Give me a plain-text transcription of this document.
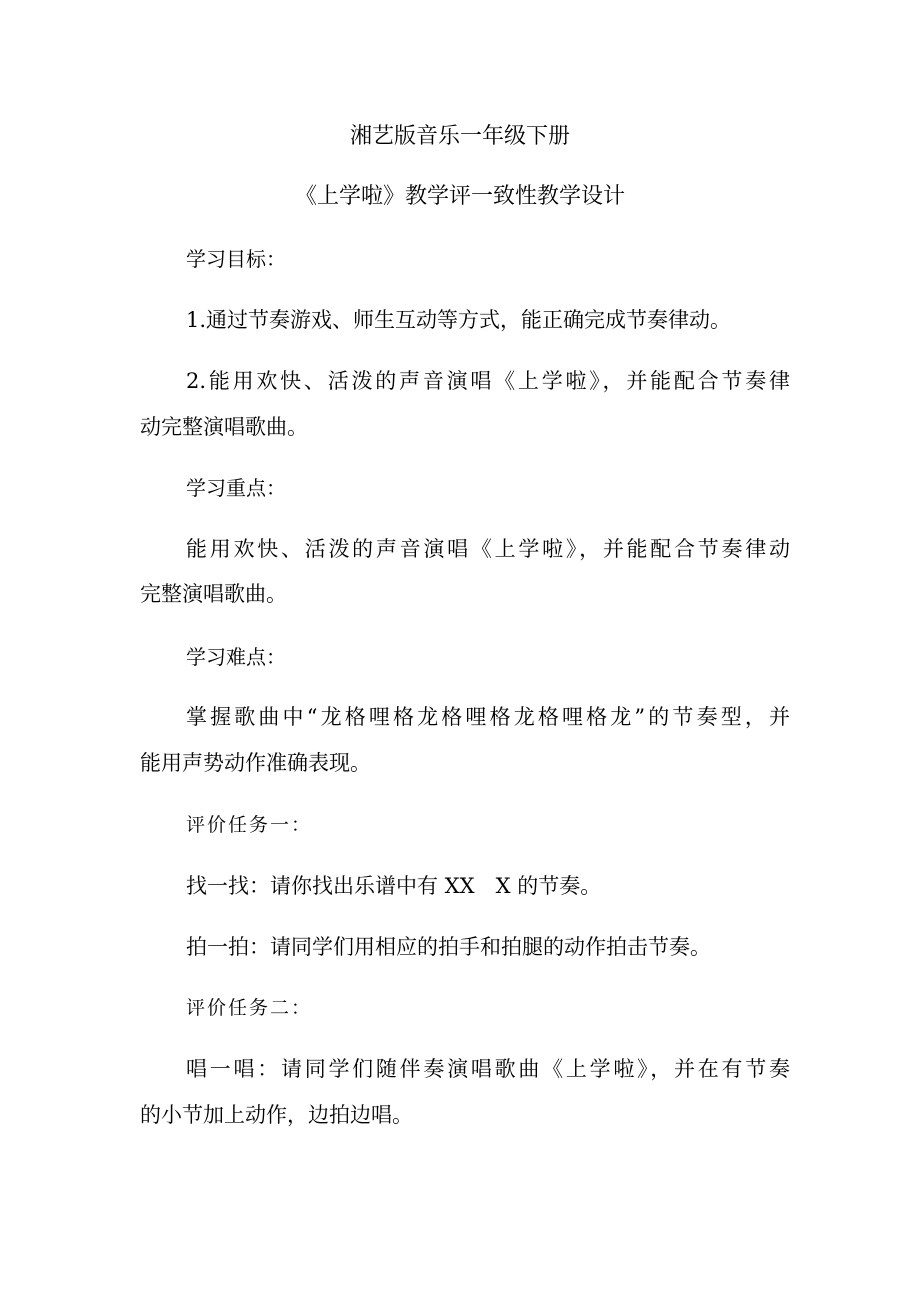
湘艺版音乐一年级下册
《上学啦》教学评一致性教学设计
学习目标：
1.通过节奏游戏、师生互动等方式，能正确完成节奏律动。
2.能用欢快、活泼的声音演唱《上学啦》，并能配合节奏律
动完整演唱歌曲。
学习重点：
能用欢快、活泼的声音演唱《上学啦》，并能配合节奏律动
完整演唱歌曲。
学习难点：
掌握歌曲中“龙格哩格龙格哩格龙格哩格龙”的节奏型，并
能用声势动作准确表现。
评价任务一：
找一找：请你找出乐谱中有 XX　X 的节奏。
拍一拍：请同学们用相应的拍手和拍腿的动作拍击节奏。
评价任务二：
唱一唱：请同学们随伴奏演唱歌曲《上学啦》，并在有节奏
的小节加上动作，边拍边唱。
